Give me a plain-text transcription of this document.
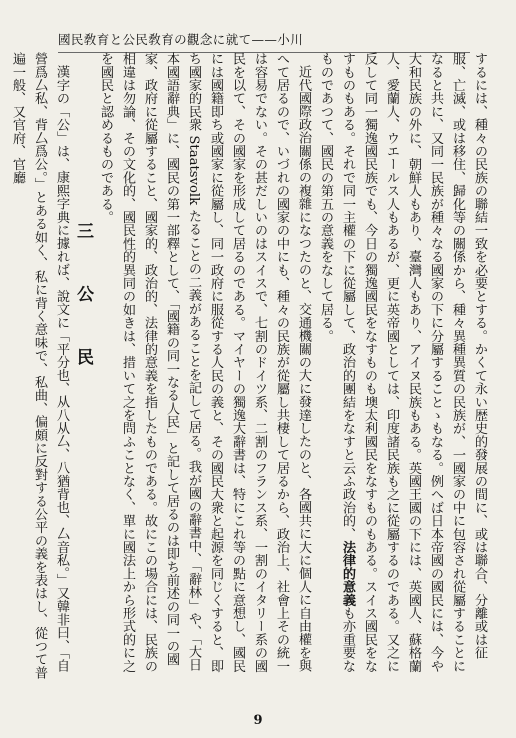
國民敎育と公民敎育の觀念に就て——小川

するには、種々の民族の聯結一致を必要とする。かくて永い歴史的發展の間に、或は聯合、分離或は征服、亡滅、或は移住、歸化等の關係から、種々異種異質の民族が、一國家の中に包容され從屬することになると共に、又同一民族が種々なる國家の下に分屬することゝもなる。例へば日本帝國の國民には、今や大和民族の外に、朝鮮人もあり、臺灣人もあり、アイヌ民族もある。英國王國の下には、英國人、蘇格蘭人、愛蘭人、ウエールス人もあるが、更に英帝國としては、印度諸民族も之に從屬するのである。又之に反して同一獨逸國民族でも、今日の獨逸國民をなすものも墺太利國民をなすものもある。スイス國民をなすものもある。それで同一主權の下に從屬して、政治的團結をなすと云ふ政治的、法律的意義も亦重要なものであつて、國民の第五の意義をなして居る。

近代國際政治關係の複雜になつたのと、交通機關の大に發達したのと、各國共に大に個人に自由權を與へて居るので、いづれの國家の中にも、種々の民族が從屬し共棲して居るから、政治上、社會上その統一は容易でない。その甚だしいのはスイスで、七割のドイツ系、二割のフランス系、一割のイタリー系の國民を以て、その國家を形成して居るのである。マイヤーの獨逸大辭書は、特にこれ等の點に意想し、國民には國籍即ち或國家に從屬し、同一政府に服從する人民の義と、その國民大衆と起源を同じくすると、即ち國家的民衆 Staatsvolk たることの二義があることを記して居る。我が國の辭書中、「辭林」や、「大日本國語辭典」に、國民の第一部釋として、「國籍の同一なる人民」と記して居るのは即ち前述の同一の國家、政府に從屬すること、國家的、政治的、法律的意義を指したものである。故にこの場合には、民族の相違は勿論、その文化的、國民性的異同の如きは、措いて之を問ふことなく、單に國法上から形式的に之を國民と認めるものである。

三 公 民

漢字の「公」は、康熙字典に據れば、說文に「平分也、从八从厶、八猶背也、厶音私。」又韓非曰、「自營爲厶私、背厶爲公。」とある如く、私に背く意味で、私曲、偏頗に反對する公平の義を表はし、從つて普遍一般、又官府、官廳

9
